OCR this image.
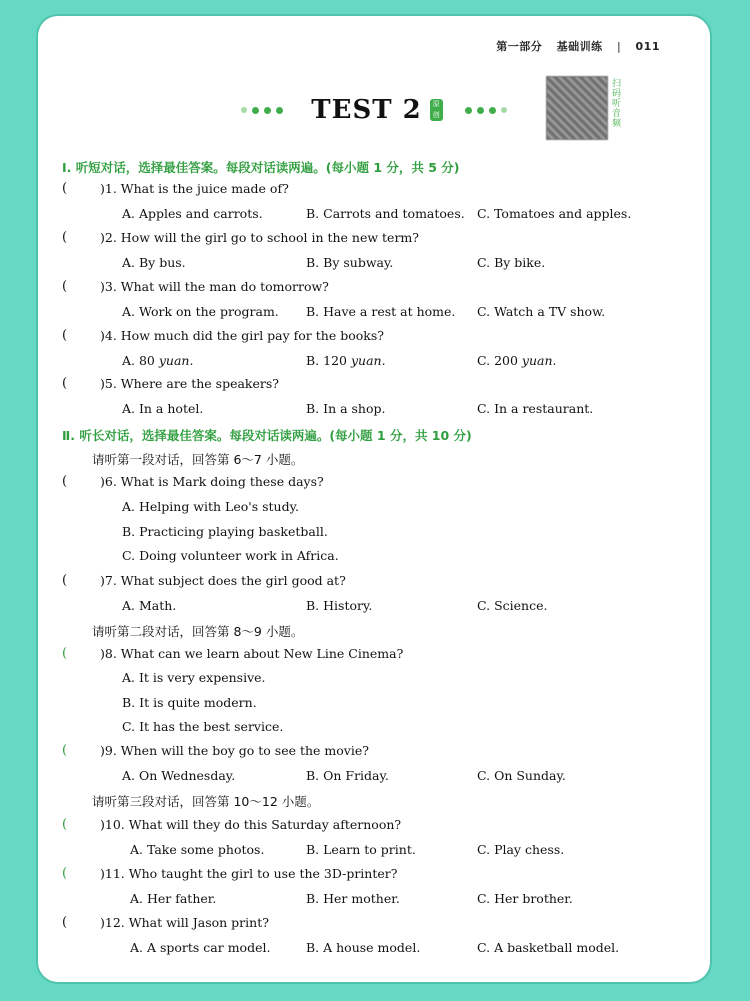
第一部分 基础训练 | 011
TEST 2	原创	扫码听音频
Ⅰ. 听短对话，选择最佳答案。每段对话读两遍。(每小题 1 分，共 5 分)
(	)1. What is the juice made of?
A. Apples and carrots.	B. Carrots and tomatoes. C. Tomatoes and apples.
(	)2. How will the girl go to school in the new term?
A. By bus.	B. By subway.	C. By bike.
(	)3. What will the man do tomorrow?
A. Work on the program. B. Have a rest at home. C. Watch a TV show.
(	)4. How much did the girl pay for the books?
A. 80 yuan.	B. 120 yuan.	C. 200 yuan.
(	)5. Where are the speakers?
A. In a hotel.	B. In a shop.	C. In a restaurant.
Ⅱ. 听长对话，选择最佳答案。每段对话读两遍。(每小题 1 分，共 10 分)
请听第一段对话，回答第 6～7 小题。
(	)6. What is Mark doing these days?
A. Helping with Leo's study.
B. Practicing playing basketball.
C. Doing volunteer work in Africa.
(	)7. What subject does the girl good at?
A. Math.	B. History.	C. Science.
请听第二段对话，回答第 8～9 小题。
(	)8. What can we learn about New Line Cinema?
A. It is very expensive.
B. It is quite modern.
C. It has the best service.
(	)9. When will the boy go to see the movie?
A. On Wednesday.	B. On Friday.	C. On Sunday.
请听第三段对话，回答第 10～12 小题。
(	)10. What will they do this Saturday afternoon?
A. Take some photos.	B. Learn to print.	C. Play chess.
(	)11. Who taught the girl to use the 3D-printer?
A. Her father.	B. Her mother.	C. Her brother.
(	)12. What will Jason print?
A. A sports car model.	B. A house model.	C. A basketball model.
